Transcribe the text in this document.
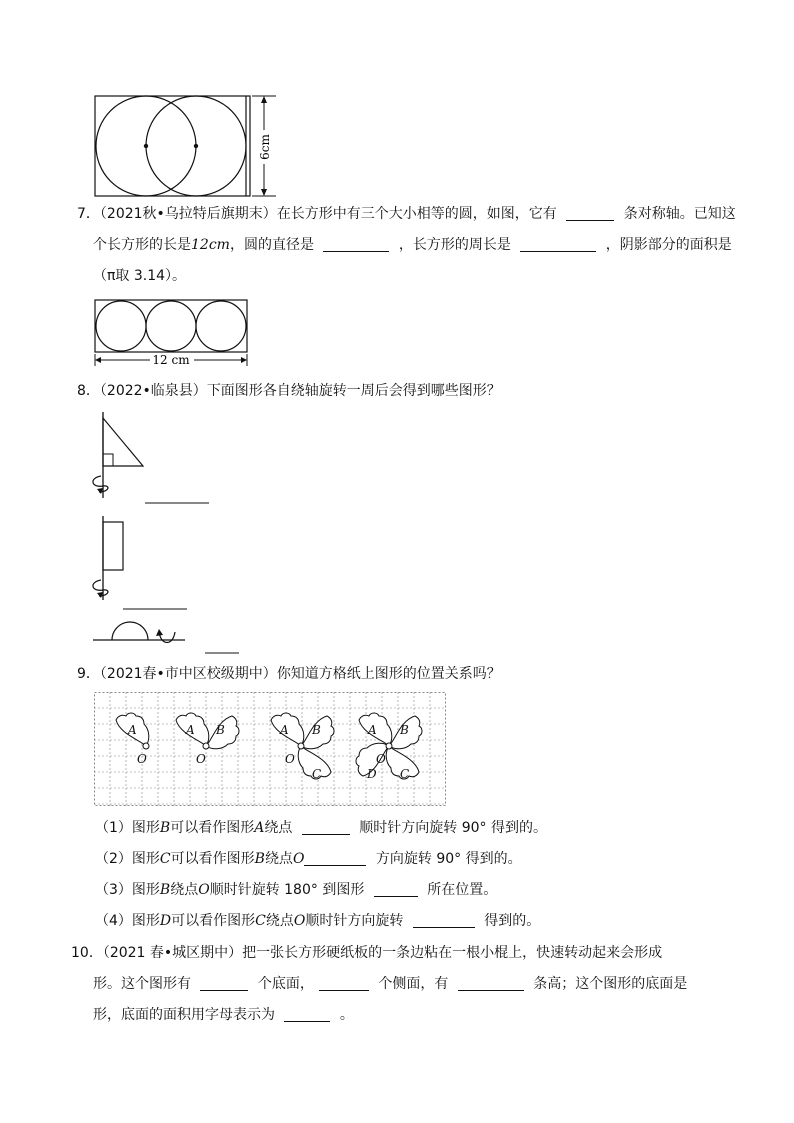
6cm
7．（2021秋•乌拉特后旗期末）在长方形中有三个大小相等的圆，如图，它有	条对称轴。已知这
个长方形的长是12cm，圆的直径是	，长方形的周长是	，阴影部分的面积是
（π取 3.14）。
12 cm
8．（2022•临泉县）下面图形各自绕轴旋转一周后会得到哪些图形？
9．（2021春•市中区校级期中）你知道方格纸上图形的位置关系吗？
A
O
A B
O
A B
O
C
A B
O
D C
（1）图形B可以看作图形A绕点	顺时针方向旋转 90° 得到的。
（2）图形C可以看作图形B绕点O	方向旋转 90° 得到的。
（3）图形B绕点O顺时针旋转 180° 到图形	所在位置。
（4）图形D可以看作图形C绕点O顺时针方向旋转	得到的。
10．（2021 春•城区期中）把一张长方形硬纸板的一条边粘在一根小棍上，快速转动起来会形成
形。这个图形有	个底面，	个侧面，有	条高；这个图形的底面是
形，底面的面积用字母表示为	。
